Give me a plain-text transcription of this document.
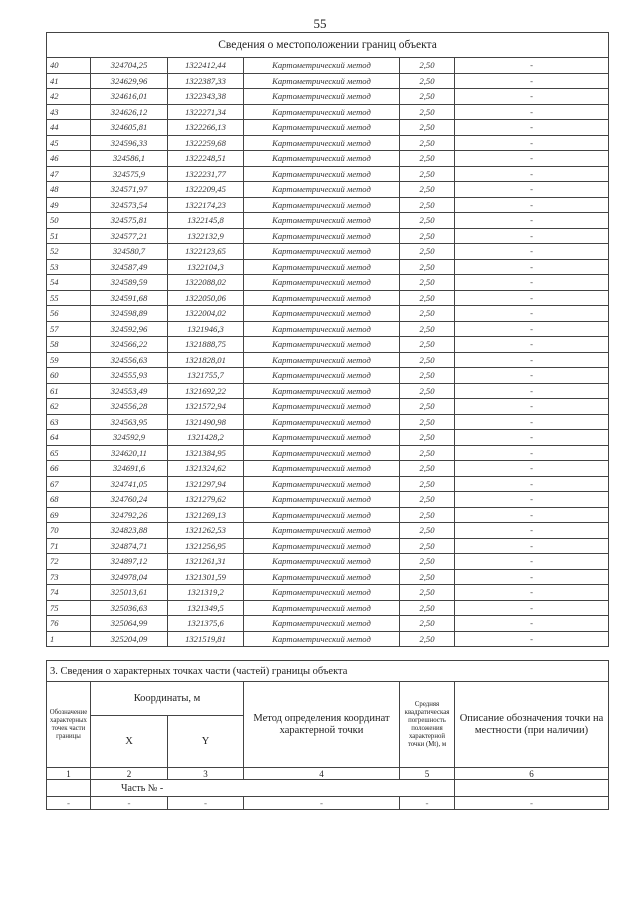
55
Сведения о местоположении границ объекта					
40	324704,25	1322412,44	Картометрический метод	2,50	-
41	324629,96	1322387,33	Картометрический метод	2,50	-
42	324616,01	1322343,38	Картометрический метод	2,50	-
43	324626,12	1322271,34	Картометрический метод	2,50	-
44	324605,81	1322266,13	Картометрический метод	2,50	-
45	324596,33	1322259,68	Картометрический метод	2,50	-
46	324586,1	1322248,51	Картометрический метод	2,50	-
47	324575,9	1322231,77	Картометрический метод	2,50	-
48	324571,97	1322209,45	Картометрический метод	2,50	-
49	324573,54	1322174,23	Картометрический метод	2,50	-
50	324575,81	1322145,8	Картометрический метод	2,50	-
51	324577,21	1322132,9	Картометрический метод	2,50	-
52	324580,7	1322123,65	Картометрический метод	2,50	-
53	324587,49	1322104,3	Картометрический метод	2,50	-
54	324589,59	1322088,02	Картометрический метод	2,50	-
55	324591,68	1322050,06	Картометрический метод	2,50	-
56	324598,89	1322004,02	Картометрический метод	2,50	-
57	324592,96	1321946,3	Картометрический метод	2,50	-
58	324566,22	1321888,75	Картометрический метод	2,50	-
59	324556,63	1321828,01	Картометрический метод	2,50	-
60	324555,93	1321755,7	Картометрический метод	2,50	-
61	324553,49	1321692,22	Картометрический метод	2,50	-
62	324556,28	1321572,94	Картометрический метод	2,50	-
63	324563,95	1321490,98	Картометрический метод	2,50	-
64	324592,9	1321428,2	Картометрический метод	2,50	-
65	324620,11	1321384,95	Картометрический метод	2,50	-
66	324691,6	1321324,62	Картометрический метод	2,50	-
67	324741,05	1321297,94	Картометрический метод	2,50	-
68	324760,24	1321279,62	Картометрический метод	2,50	-
69	324792,26	1321269,13	Картометрический метод	2,50	-
70	324823,88	1321262,53	Картометрический метод	2,50	-
71	324874,71	1321256,95	Картометрический метод	2,50	-
72	324897,12	1321261,31	Картометрический метод	2,50	-
73	324978,04	1321301,59	Картометрический метод	2,50	-
74	325013,61	1321319,2	Картометрический метод	2,50	-
75	325036,63	1321349,5	Картометрический метод	2,50	-
76	325064,99	1321375,6	Картометрический метод	2,50	-
1	325204,09	1321519,81	Картометрический метод	2,50	-
3. Сведения о характерных точках части (частей) границы объекта					
Обозначение характерных точек части границы	Координаты, м		Метод определения координат характерной точки	Средняя квадратическая погрешность положения характерной точки (Mt), м	Описание обозначения точки на местности (при наличии)
	X	Y			
1	2	3	4	5	6
	Часть № -				
-	-	-	-	-	-
